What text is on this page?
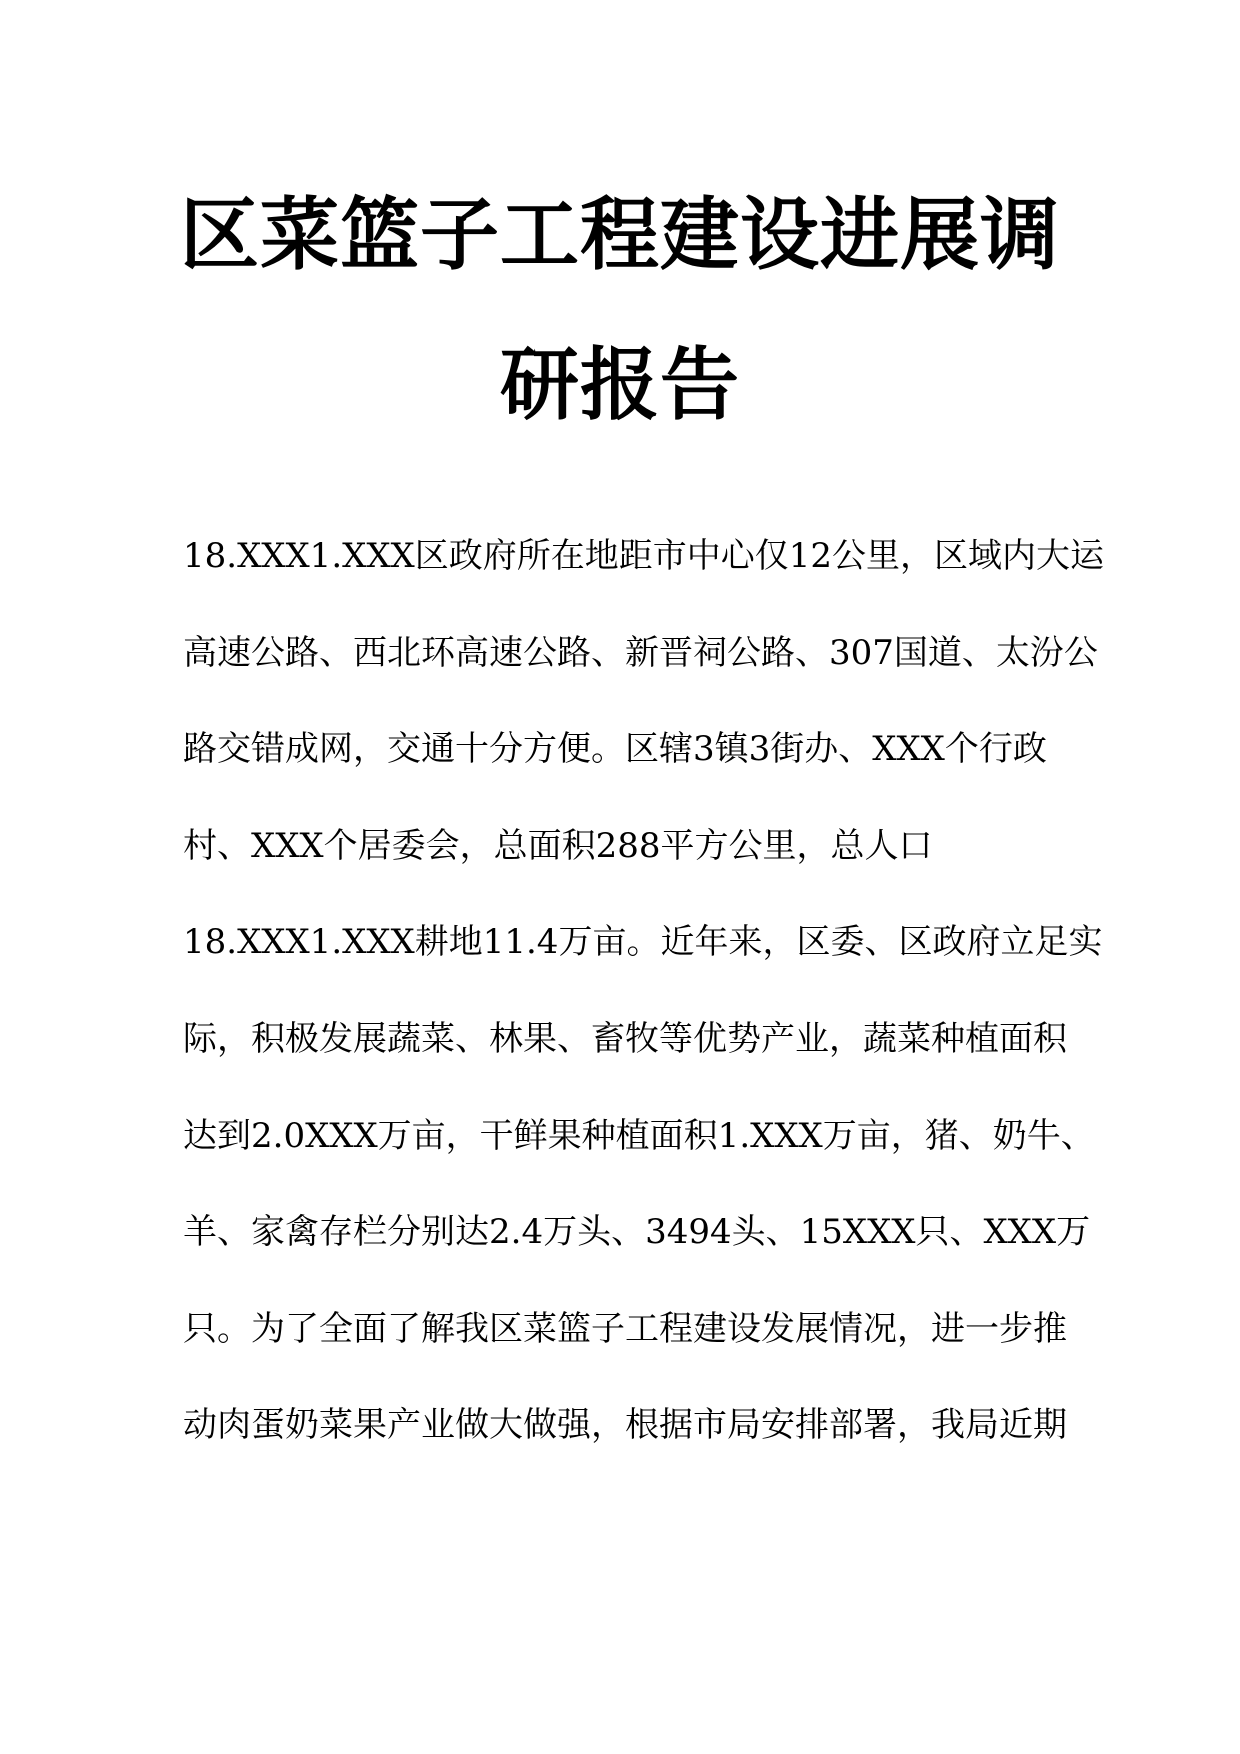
区菜篮子工程建设进展调
研报告
18.XXX1.XXX区政府所在地距市中心仅12公里，区域内大运
高速公路、西北环高速公路、新晋祠公路、307国道、太汾公
路交错成网，交通十分方便。区辖3镇3街办、XXX个行政
村、XXX个居委会，总面积288平方公里，总人口
18.XXX1.XXX耕地11.4万亩。近年来，区委、区政府立足实
际，积极发展蔬菜、林果、畜牧等优势产业，蔬菜种植面积
达到2.0XXX万亩，干鲜果种植面积1.XXX万亩，猪、奶牛、
羊、家禽存栏分别达2.4万头、3494头、15XXX只、XXX万
只。为了全面了解我区菜篮子工程建设发展情况，进一步推
动肉蛋奶菜果产业做大做强，根据市局安排部署，我局近期
